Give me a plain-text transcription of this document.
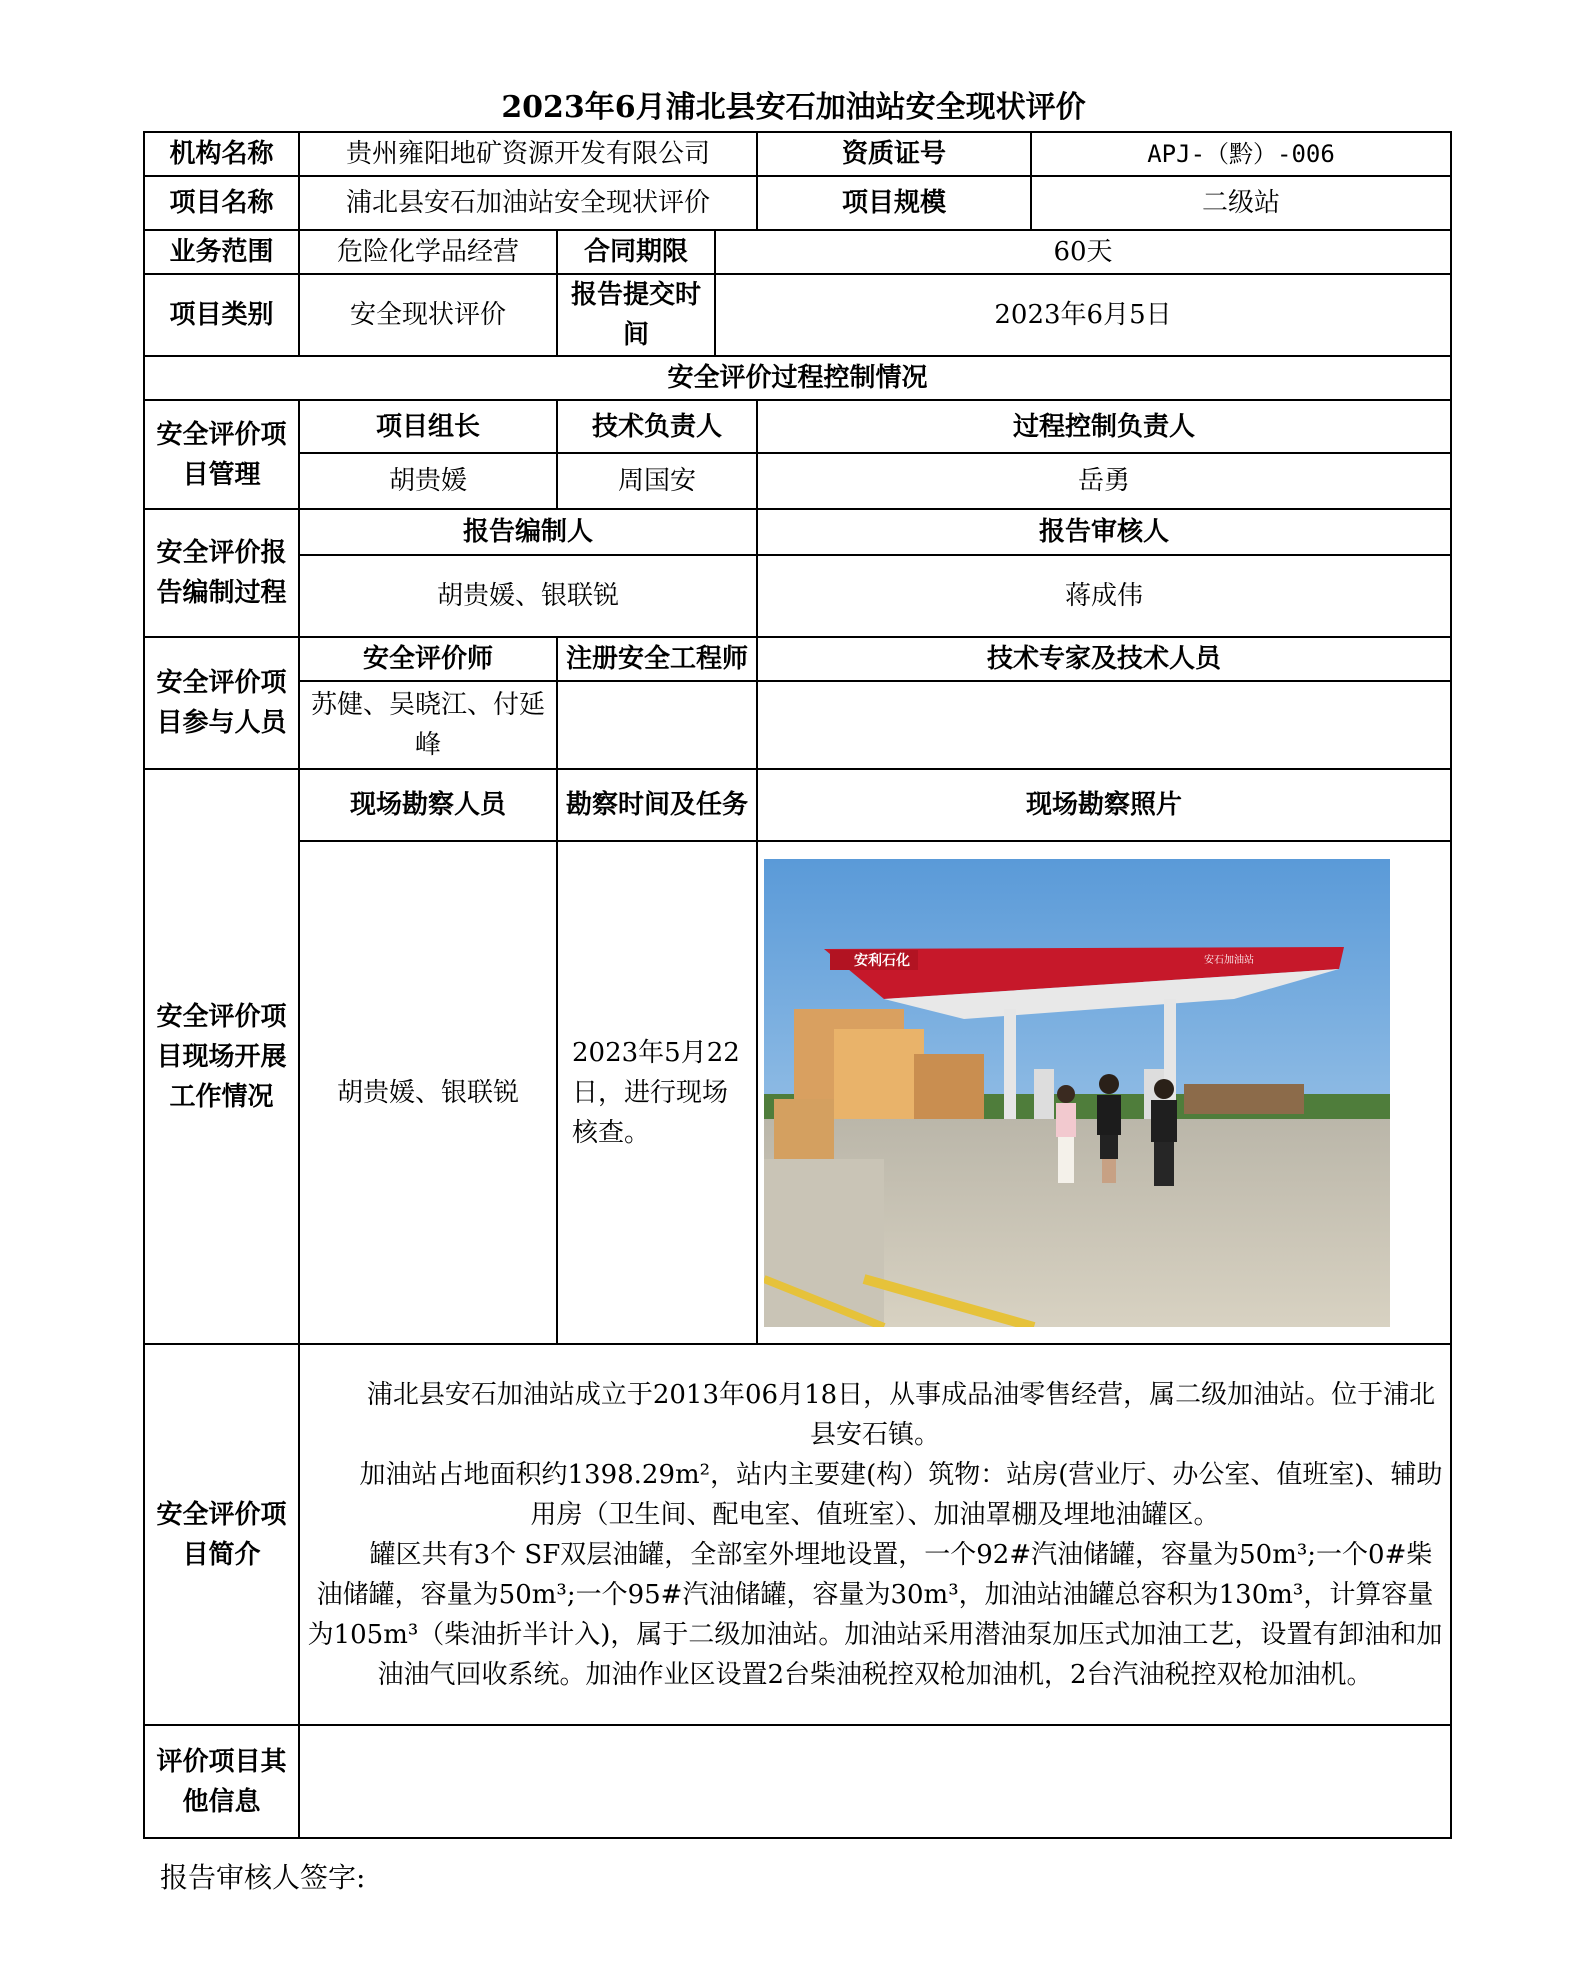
2023年6月浦北县安石加油站安全现状评价
机构名称	贵州雍阳地矿资源开发有限公司			资质证号	APJ-（黔）-006
项目名称	浦北县安石加油站安全现状评价			项目规模	二级站
业务范围	危险化学品经营	合同期限	60天		
项目类别	安全现状评价	报告提交时间	2023年6月5日		
安全评价过程控制情况					
安全评价项目管理	项目组长	技术负责人		过程控制负责人	
	胡贵媛	周国安		岳勇	
安全评价报告编制过程	报告编制人			报告审核人	
	胡贵媛、银联锐			蒋成伟	
安全评价项目参与人员	安全评价师	注册安全工程师		技术专家及技术人员	
	苏健、吴晓江、付延峰				
安全评价项目现场开展工作情况	现场勘察人员	勘察时间及任务		现场勘察照片	
	胡贵媛、银联锐	2023年5月22日，进行现场核查。		安利石化 安石加油站	

安全评价项目简介	浦北县安石加油站成立于2013年06月18日，从事成品油零售经营，属二级加油站。位于浦北县安石镇。

加油站占地面积约1398.29m²，站内主要建(构）筑物：站房(营业厅、办公室、值班室)、辅助用房（卫生间、配电室、值班室）、加油罩棚及埋地油罐区。

罐区共有3个 SF双层油罐，全部室外埋地设置，一个92#汽油储罐，容量为50m³;一个0#柴油储罐，容量为50m³;一个95#汽油储罐，容量为30m³，加油站油罐总容积为130m³，计算容量为105m³（柴油折半计入)，属于二级加油站。加油站采用潜油泵加压式加油工艺，设置有卸油和加油油气回收系统。加油作业区设置2台柴油税控双枪加油机，2台汽油税控双枪加油机。				

评价项目其他信息					
报告审核人签字:
